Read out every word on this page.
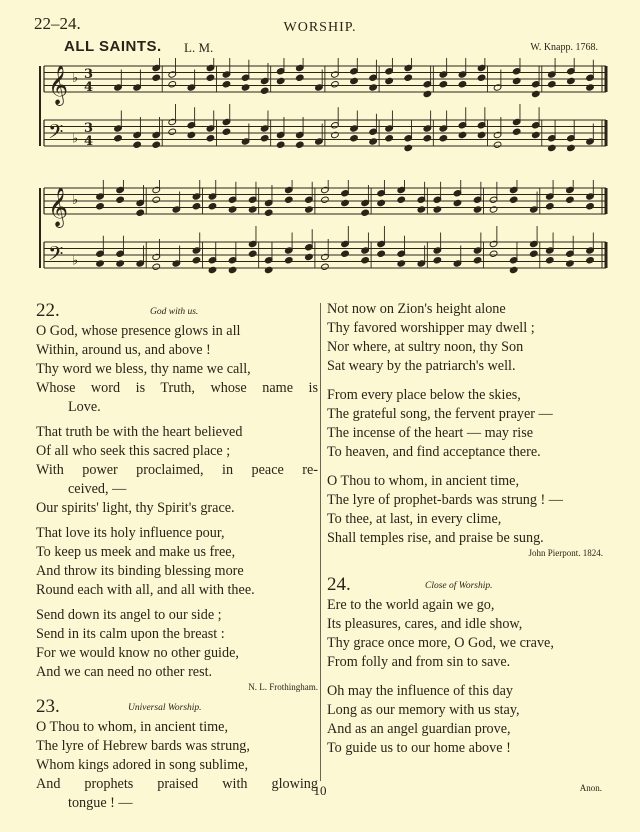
22–24.	WORSHIP.
ALL SAINTS. L. M.	W. Knapp. 1768.
𝄞 ♭ 3
4
𝄢 ♭
3
4
𝄞 ♭
𝄢 ♭
22.	God with us.
O God, whose presence glows in all
Within, around us, and above !
Thy word we bless, thy name we call,
Whose word is Truth, whose name is
Love.
That truth be with the heart believed
Of all who seek this sacred place ;
With power proclaimed, in peace re-
ceived, —
Our spirits' light, thy Spirit's grace.
That love its holy influence pour,
To keep us meek and make us free,
And throw its binding blessing more
Round each with all, and all with thee.
Send down its angel to our side ;
Send in its calm upon the breast :
For we would know no other guide,
And we can need no other rest.
N. L. Frothingham.
23.	Universal Worship.
O Thou to whom, in ancient time,
The lyre of Hebrew bards was strung,
Whom kings adored in song sublime,
And prophets praised with glowing
tongue ! —
Not now on Zion's height alone
Thy favored worshipper may dwell ;
Nor where, at sultry noon, thy Son
Sat weary by the patriarch's well.
From every place below the skies,
The grateful song, the fervent prayer —
The incense of the heart — may rise
To heaven, and find acceptance there.
O Thou to whom, in ancient time,
The lyre of prophet-bards was strung ! —
To thee, at last, in every clime,
Shall temples rise, and praise be sung.
John Pierpont. 1824.
24.	Close of Worship.
Ere to the world again we go,
Its pleasures, cares, and idle show,
Thy grace once more, O God, we crave,
From folly and from sin to save.
Oh may the influence of this day
Long as our memory with us stay,
And as an angel guardian prove,
To guide us to our home above !
10	Anon.
